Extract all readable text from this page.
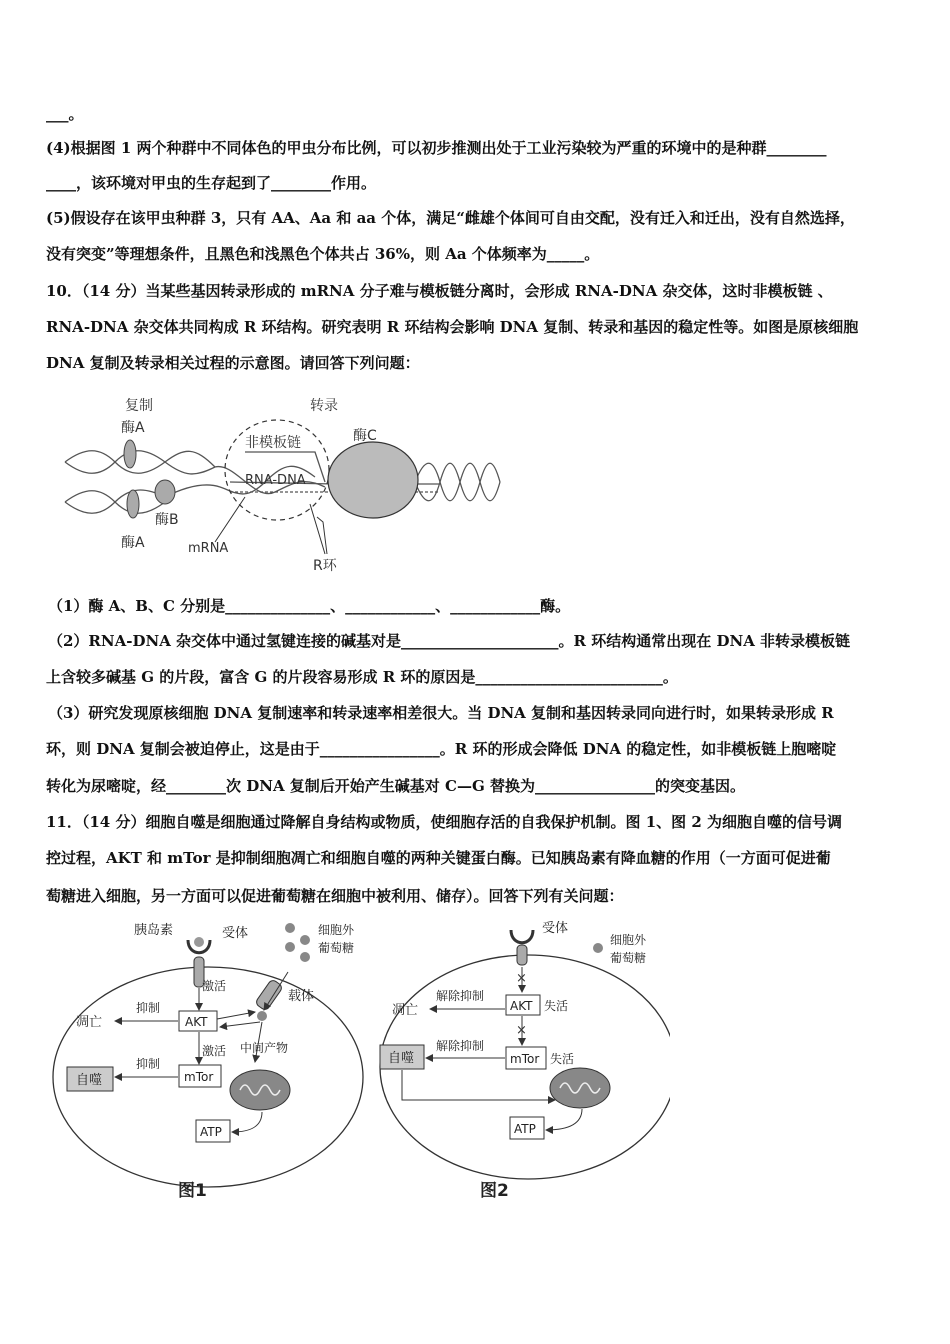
___。
(4)根据图 1 两个种群中不同体色的甲虫分布比例，可以初步推测出处于工业污染较为严重的环境中的是种群________
____，该环境对甲虫的生存起到了________作用。
(5)假设存在该甲虫种群 3，只有 AA、Aa 和 aa 个体，满足“雌雄个体间可自由交配，没有迁入和迁出，没有自然选择，
没有突变”等理想条件，且黑色和浅黑色个体共占 36%，则 Aa 个体频率为_____。
10．（14 分）当某些基因转录形成的 mRNA 分子难与模板链分离时，会形成 RNA-DNA 杂交体，这时非模板链 、
RNA-DNA 杂交体共同构成 R 环结构。研究表明 R 环结构会影响 DNA 复制、转录和基因的稳定性等。如图是原核细胞
DNA 复制及转录相关过程的示意图。请回答下列问题：
复制	转录
酶A	酶C
非模板链
RNA-DNA
酶B
酶A	mRNA
R环
（1）酶 A、B、C 分别是______________、____________、____________酶。
（2）RNA-DNA 杂交体中通过氢键连接的碱基对是_____________________。R 环结构通常出现在 DNA 非转录模板链
上含较多碱基 G 的片段，富含 G 的片段容易形成 R 环的原因是_________________________。
（3）研究发现原核细胞 DNA 复制速率和转录速率相差很大。当 DNA 复制和基因转录同向进行时，如果转录形成 R
环，则 DNA 复制会被迫停止，这是由于________________。R 环的形成会降低 DNA 的稳定性，如非模板链上胞嘧啶
转化为尿嘧啶，经________次 DNA 复制后开始产生碱基对 C—G 替换为________________的突变基因。
11．（14 分）细胞自噬是细胞通过降解自身结构或物质，使细胞存活的自我保护机制。图 1、图 2 为细胞自噬的信号调
控过程，AKT 和 mTor 是抑制细胞凋亡和细胞自噬的两种关键蛋白酶。已知胰岛素有降血糖的作用（一方面可促进葡
萄糖进入细胞，另一方面可以促进葡萄糖在细胞中被利用、储存）。回答下列有关问题：
胰岛素	受体	细胞外
葡萄糖
载体
激活
抑制
凋亡	AKT
激活 中间产物
抑制
自噬	mTor
ATP
图1
×
×
受体
细胞外
葡萄糖
解除抑制
凋亡	AKT 失活
解除抑制
自噬	mTor 失活
ATP
图2
